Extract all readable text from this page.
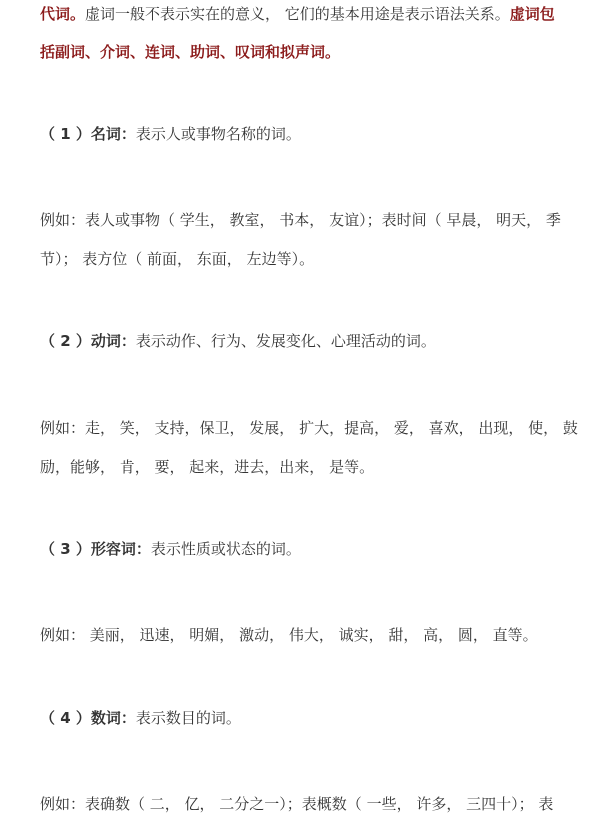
代词。虚词一般不表示实在的意义， 它们的基本用途是表示语法关系。虚词包
括副词、介词、连词、助词、叹词和拟声词。
（ 1 ）名词：表示人或事物名称的词。
例如：表人或事物（ 学生， 教室， 书本， 友谊）；表时间（ 早晨， 明天， 季
节）； 表方位（ 前面， 东面， 左边等）。
（ 2 ）动词：表示动作、行为、发展变化、心理活动的词。
例如：走， 笑， 支持，保卫， 发展， 扩大，提高， 爱， 喜欢， 出现， 使， 鼓
励，能够， 肯， 要， 起来，进去，出来， 是等。
（ 3 ）形容词：表示性质或状态的词。
例如： 美丽， 迅速， 明媚， 激动， 伟大， 诚实， 甜， 高， 圆， 直等。
（ 4 ）数词：表示数目的词。
例如：表确数（ 二， 亿， 二分之一）；表概数（ 一些， 许多， 三四十）； 表
